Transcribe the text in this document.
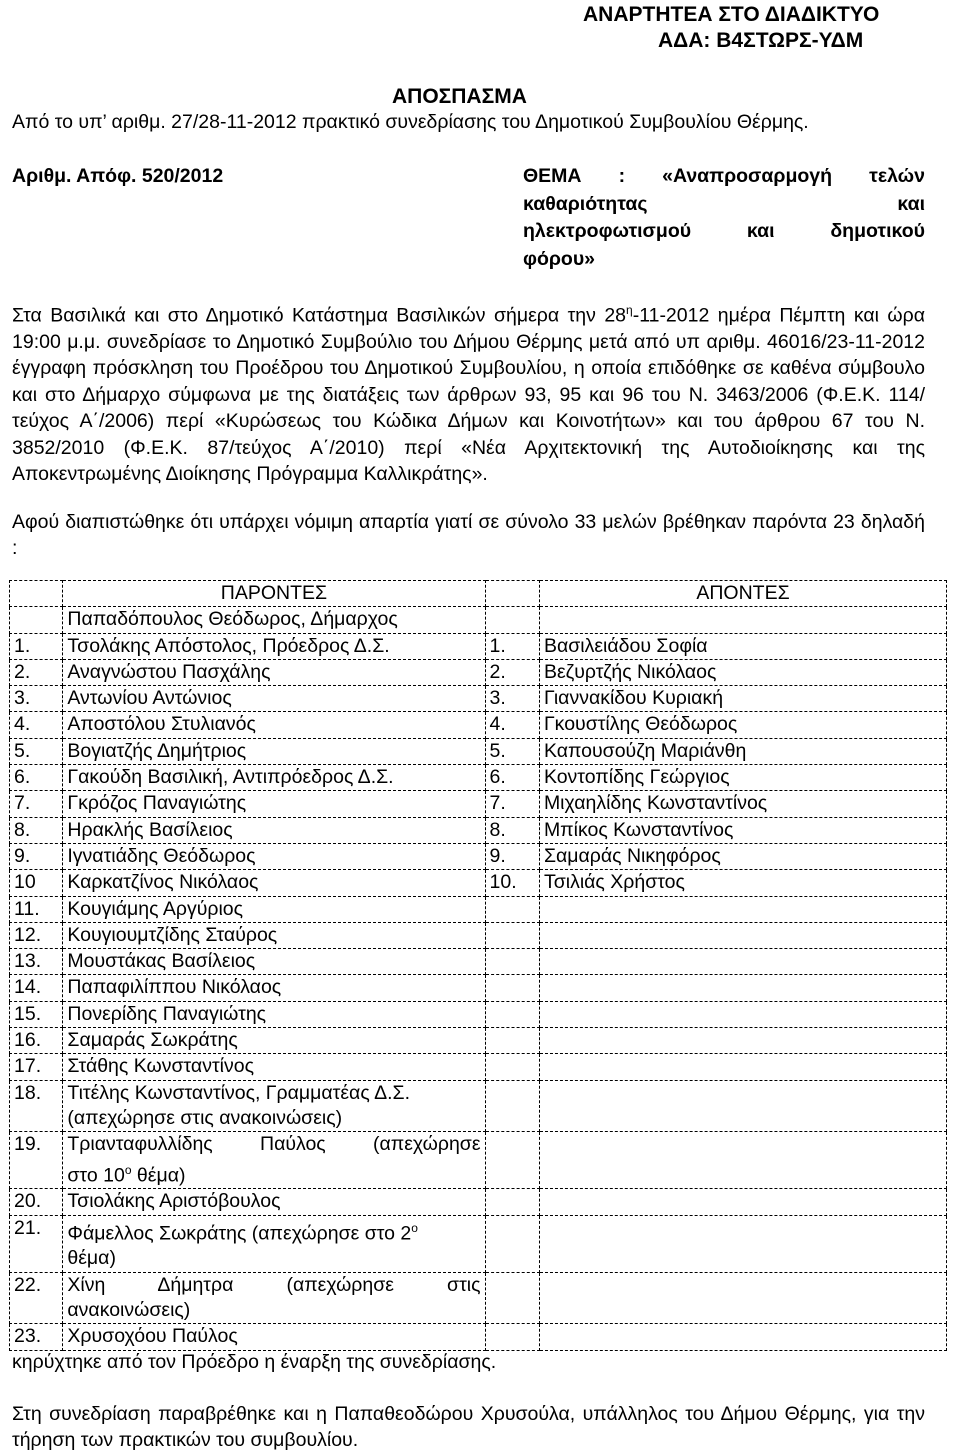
ΑΝΑΡΤΗΤΕΑ ΣΤΟ ΔΙΑΔΙΚΤΥΟ
ΑΔΑ: Β4ΣΤΩΡΣ-ΥΔΜ
ΑΠΟΣΠΑΣΜΑ
Από το υπ’ αριθμ. 27/28-11-2012 πρακτικό συνεδρίασης του Δημοτικού Συμβουλίου Θέρμης.
Αριθμ. Απόφ. 520/2012	ΘΕΜΑ : «Αναπροσαρμογή τελών
καθαριότητας και
ηλεκτροφωτισμού και δημοτικού
φόρου»

Στα Βασιλικά και στο Δημοτικό Κατάστημα Βασιλικών σήμερα την $28^\eta-11-2012$ ημέρα Πέμπτη και ώρα 19:00 μ.μ. συνεδρίασε το Δημοτικό Συμβούλιο του Δήμου Θέρμης μετά από υπ αριθμ. 46016/23-11-2012 έγγραφη πρόσκληση του Προέδρου του Δημοτικού Συμβουλίου, η οποία επιδόθηκε σε καθένα σύμβουλο και στο Δήμαρχο σύμφωνα με της διατάξεις των άρθρων 93, 95 και 96 του Ν. 3463/2006 (Φ.Ε.Κ. 114/τεύχος Α΄/2006) περί «Κυρώσεως του Κώδικα Δήμων και Κοινοτήτων» και του άρθρου 67 του Ν. 3852/2010 (Φ.Ε.Κ. 87/τεύχος Α΄/2010) περί «Νέα Αρχιτεκτονική της Αυτοδιοίκησης και της Αποκεντρωμένης Διοίκησης Πρόγραμμα Καλλικράτης».

Αφού διαπιστώθηκε ότι υπάρχει νόμιμη απαρτία γιατί σε σύνολο 33 μελών βρέθηκαν παρόντα 23 δηλαδή :

	ΠΑΡΟΝΤΕΣ		ΑΠΟΝΤΕΣ
	Παπαδόπουλος Θεόδωρος, Δήμαρχος		
1.	Τσολάκης Απόστολος, Πρόεδρος Δ.Σ.	1.	Βασιλειάδου Σοφία
2.	Αναγνώστου Πασχάλης	2.	Βεζυρτζής Νικόλαος
3.	Αντωνίου Αντώνιος	3.	Γιαννακίδου Κυριακή
4.	Αποστόλου Στυλιανός	4.	Γκουστίλης Θεόδωρος
5.	Βογιατζής Δημήτριος	5.	Καπουσούζη Μαριάνθη
6.	Γακούδη Βασιλική, Αντιπρόεδρος Δ.Σ.	6.	Κοντοπίδης Γεώργιος
7.	Γκρόζος Παναγιώτης	7.	Μιχαηλίδης Κωνσταντίνος
8.	Ηρακλής Βασίλειος	8.	Μπίκος Κωνσταντίνος
9.	Ιγνατιάδης Θεόδωρος	9.	Σαμαράς Νικηφόρος
10	Καρκατζίνος Νικόλαος	10.	Τσιλιάς Χρήστος
11.	Κουγιάμης Αργύριος		
12.	Κουγιουμτζίδης Σταύρος		
13.	Μουστάκας Βασίλειος		
14.	Παπαφιλίππου Νικόλαος		
15.	Πονερίδης Παναγιώτης		
16.	Σαμαράς Σωκράτης		
17.	Στάθης Κωνσταντίνος		
18.	Τιτέλης Κωνσταντίνος, Γραμματέας Δ.Σ.
(απεχώρησε στις ανακοινώσεις)		

19.	Τριανταφυλλίδης Παύλος (απεχώρησε
στο $10^o$ θέμα)		

20.	Τσιολάκης Αριστόβουλος		
21.	Φάμελλος Σωκράτης (απεχώρησε στο $2^o$
θέμα)		

22.	Χίνη Δήμητρα (απεχώρησε στις
ανακοινώσεις)		

23.	Χρυσοχόου Παύλος		
κηρύχτηκε από τον Πρόεδρο η έναρξη της συνεδρίασης.

Στη συνεδρίαση παραβρέθηκε και η Παπαθεοδώρου Χρυσούλα, υπάλληλος του Δήμου Θέρμης, για την τήρηση των πρακτικών του συμβουλίου.
